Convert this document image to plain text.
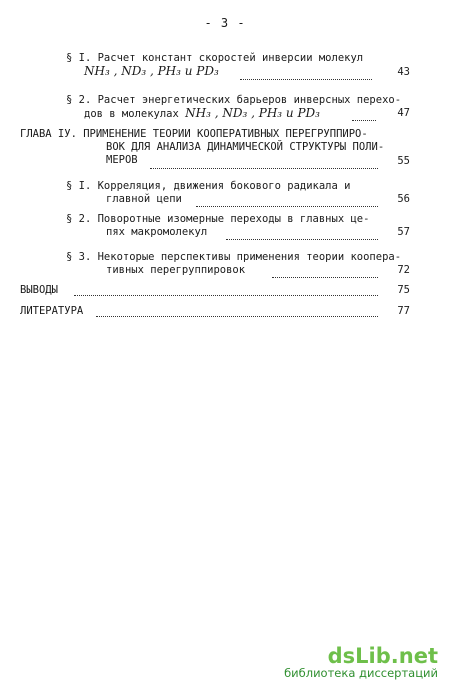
- 3 -
§ I. Расчет констант скоростей инверсии молекул
NH₃ , ND₃ , PH₃ и PD₃	43
§ 2. Расчет энергетических барьеров инверсных перехо-
дов в молекулах NH₃ , ND₃ , PH₃ и PD₃	47
ГЛАВА IУ. ПРИМЕНЕНИЕ ТЕОРИИ КООПЕРАТИВНЫХ ПЕРЕГРУППИРО-
ВОК ДЛЯ АНАЛИЗА ДИНАМИЧЕСКОЙ СТРУКТУРЫ ПОЛИ-
МЕРОВ	55
§ I. Корреляция, движения бокового радикала и
главной цепи	56
§ 2. Поворотные изомерные переходы в главных це-
пях макромолекул	57
§ 3. Некоторые перспективы применения теории коопера-
тивных перегруппировок	72
ВЫВОДЫ	75
ЛИТЕРАТУРА	77
dsLib.net
библиотека диссертаций
